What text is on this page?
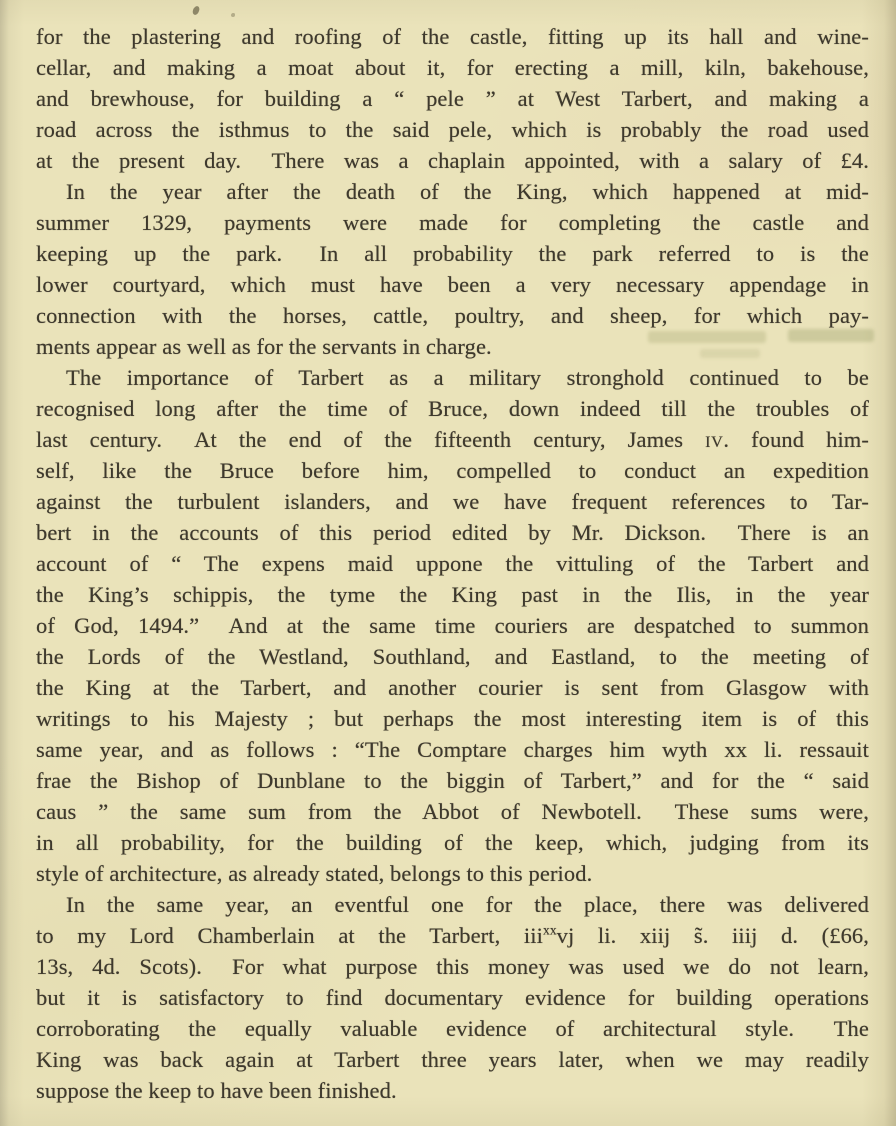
for the plastering and roofing of the castle, fitting up its hall and wine-
cellar, and making a moat about it, for erecting a mill, kiln, bakehouse,
and brewhouse, for building a “ pele ” at West Tarbert, and making a
road across the isthmus to the said pele, which is probably the road used
at the present day.  There was a chaplain appointed, with a salary of £4.
In the year after the death of the King, which happened at mid-
summer 1329, payments were made for completing the castle and
keeping up the park.  In all probability the park referred to is the
lower courtyard, which must have been a very necessary appendage in
connection with the horses, cattle, poultry, and sheep, for which pay-
ments appear as well as for the servants in charge.
The importance of Tarbert as a military stronghold continued to be
recognised long after the time of Bruce, down indeed till the troubles of
last century.  At the end of the fifteenth century, James IV. found him-
self, like the Bruce before him, compelled to conduct an expedition
against the turbulent islanders, and we have frequent references to Tar-
bert in the accounts of this period edited by Mr. Dickson.  There is an
account of “ The expens maid uppone the vittuling of the Tarbert and
the King’s schippis, the tyme the King past in the Ilis, in the year
of God, 1494.”  And at the same time couriers are despatched to summon
the Lords of the Westland, Southland, and Eastland, to the meeting of
the King at the Tarbert, and another courier is sent from Glasgow with
writings to his Majesty ; but perhaps the most interesting item is of this
same year, and as follows : “The Comptare charges him wyth xx li. ressauit
frae the Bishop of Dunblane to the biggin of Tarbert,” and for the “ said
caus ” the same sum from the Abbot of Newbotell.  These sums were,
in all probability, for the building of the keep, which, judging from its
style of architecture, as already stated, belongs to this period.
In the same year, an eventful one for the place, there was delivered
to my Lord Chamberlain at the Tarbert, iii$^{xx}$vj li. xiij s̃. iiij d. (£66,
13s, 4d. Scots).  For what purpose this money was used we do not learn,
but it is satisfactory to find documentary evidence for building operations
corroborating the equally valuable evidence of architectural style.  The
King was back again at Tarbert three years later, when we may readily
suppose the keep to have been finished.
